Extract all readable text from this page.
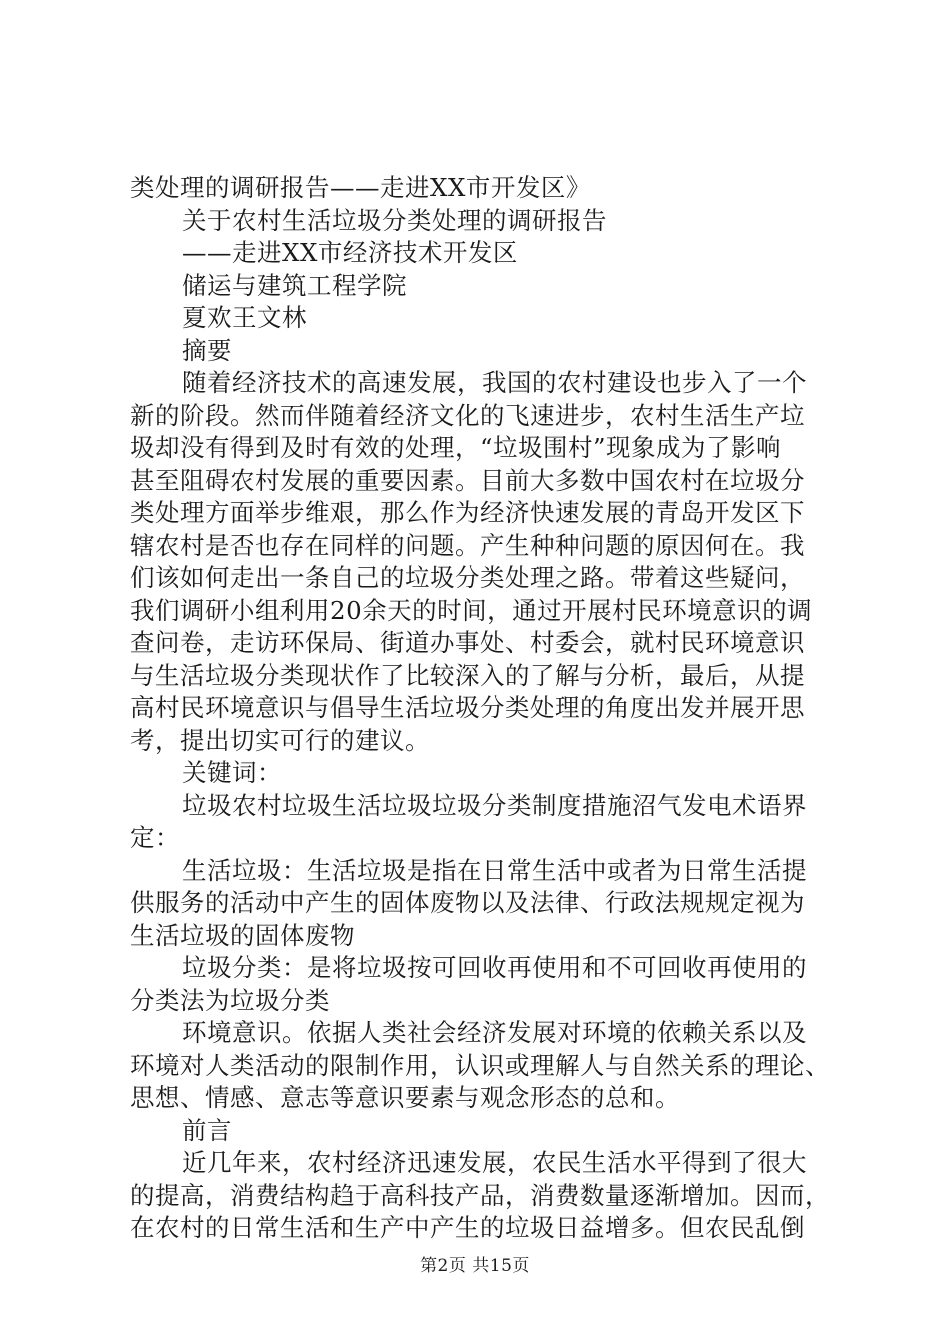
类处理的调研报告——走进XX市开发区》
关于农村生活垃圾分类处理的调研报告
——走进XX市经济技术开发区
储运与建筑工程学院
夏欢王文林
摘要
随着经济技术的高速发展，我国的农村建设也步入了一个
新的阶段。然而伴随着经济文化的飞速进步，农村生活生产垃
圾却没有得到及时有效的处理，“垃圾围村”现象成为了影响
甚至阻碍农村发展的重要因素。目前大多数中国农村在垃圾分
类处理方面举步维艰，那么作为经济快速发展的青岛开发区下
辖农村是否也存在同样的问题。产生种种问题的原因何在。我
们该如何走出一条自己的垃圾分类处理之路。带着这些疑问，
我们调研小组利用20余天的时间，通过开展村民环境意识的调
查问卷，走访环保局、街道办事处、村委会，就村民环境意识
与生活垃圾分类现状作了比较深入的了解与分析，最后，从提
高村民环境意识与倡导生活垃圾分类处理的角度出发并展开思
考，提出切实可行的建议。
关键词：
垃圾农村垃圾生活垃圾垃圾分类制度措施沼气发电术语界
定：
生活垃圾：生活垃圾是指在日常生活中或者为日常生活提
供服务的活动中产生的固体废物以及法律、行政法规规定视为
生活垃圾的固体废物
垃圾分类：是将垃圾按可回收再使用和不可回收再使用的
分类法为垃圾分类
环境意识。依据人类社会经济发展对环境的依赖关系以及
环境对人类活动的限制作用，认识或理解人与自然关系的理论、
思想、情感、意志等意识要素与观念形态的总和。
前言
近几年来，农村经济迅速发展，农民生活水平得到了很大
的提高，消费结构趋于高科技产品，消费数量逐渐增加。因而，
在农村的日常生活和生产中产生的垃圾日益增多。但农民乱倒
第2页 共15页
